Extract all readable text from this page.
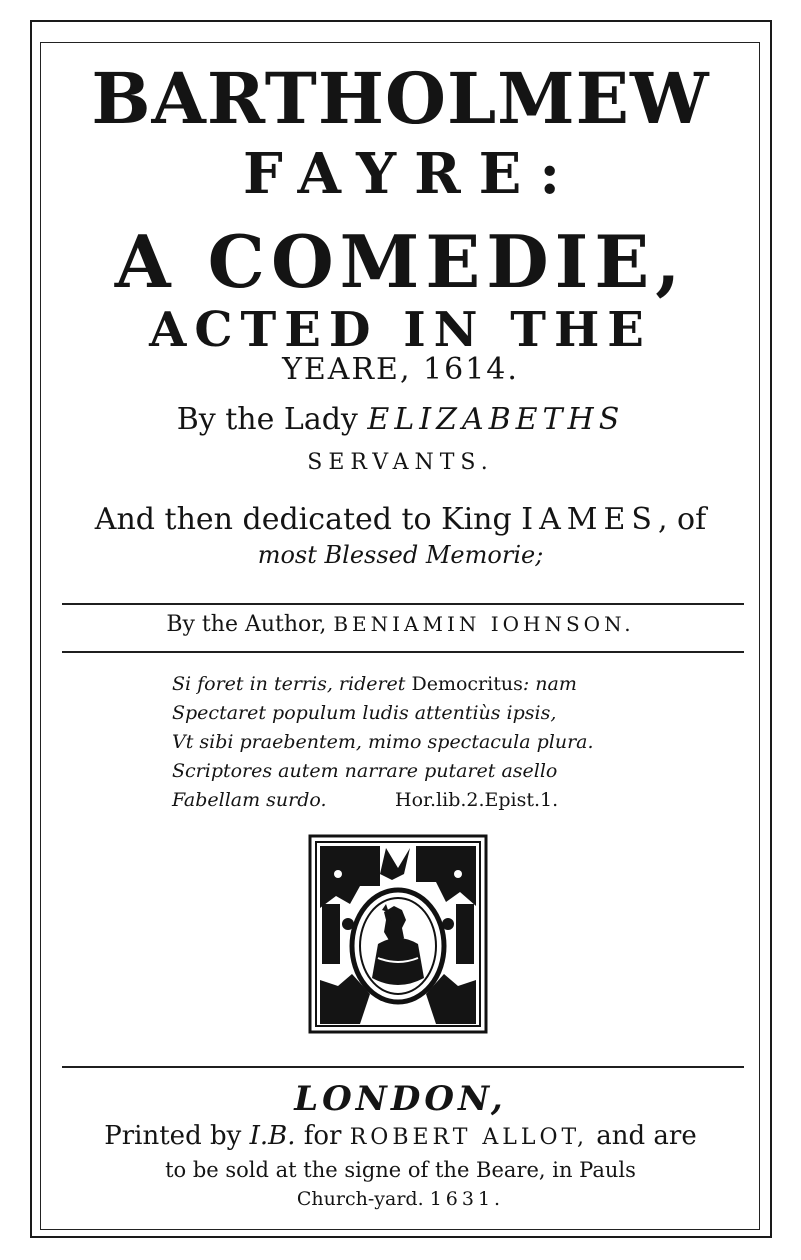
BARTHOLMEW
FAYRE:
A COMEDIE,
ACTED IN THE
YEARE, 1614.
By the Lady ELIZABETHS
SERVANTS.
And then dedicated to King IAMES, of
most Blessed Memorie;
By the Author, BENIAMIN IOHNSON.
Si foret in terris, rideret Democritus: nam
Spectaret populum ludis attentiùs ipsis,
Vt sibi praebentem, mimo spectacula plura.
Scriptores autem narrare putaret asello
Fabellam surdo.	Hor.lib.2.Epist.1.
LONDON,
Printed by I.B. for ROBERT ALLOT, and are
to be sold at the signe of the Beare, in Pauls
Church-yard. 1631.
